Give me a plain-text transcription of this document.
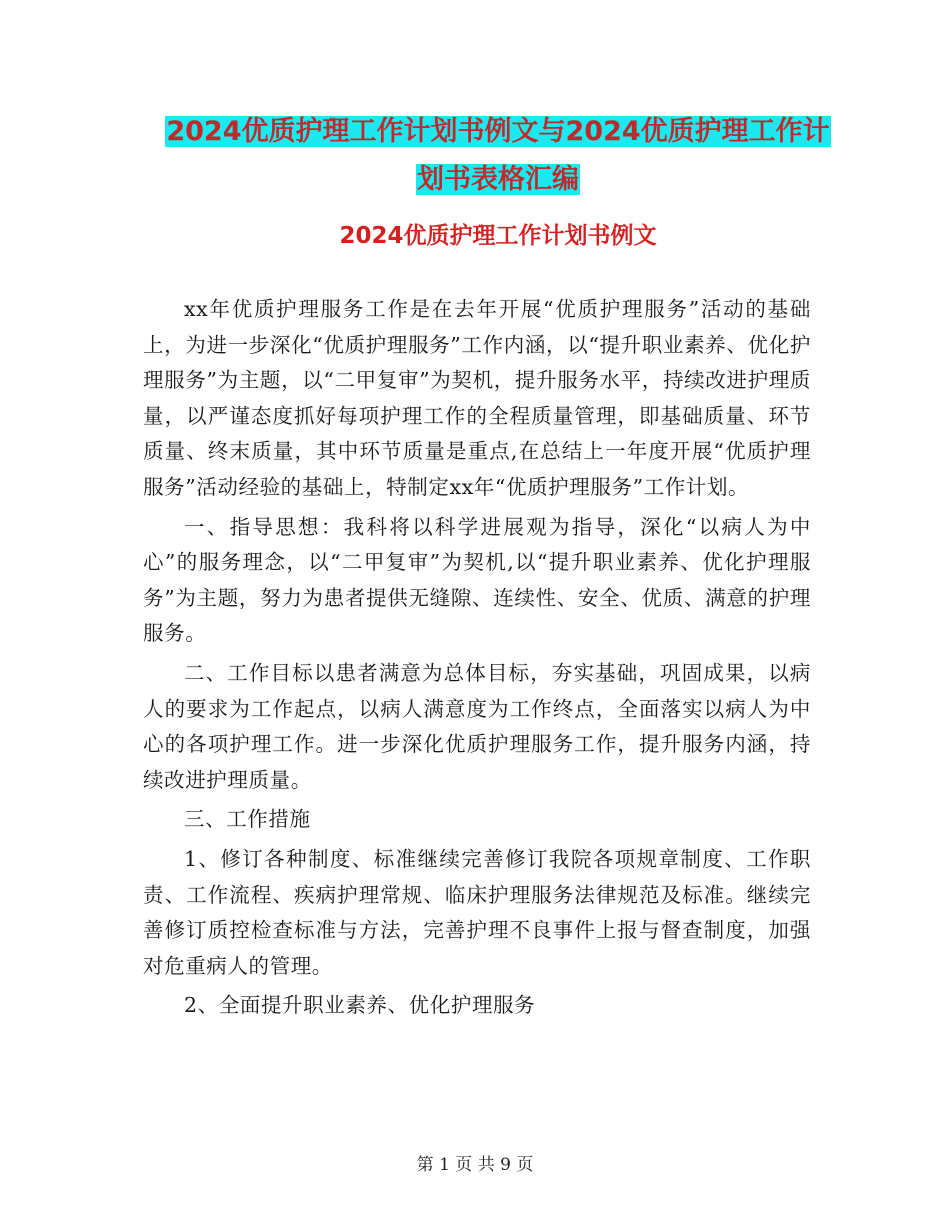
2024优质护理工作计划书例文与2024优质护理工作计
划书表格汇编
2024优质护理工作计划书例文

xx年优质护理服务工作是在去年开展“优质护理服务”活动的基础上，为进一步深化“优质护理服务”工作内涵，以“提升职业素养、优化护理服务”为主题，以“二甲复审”为契机，提升服务水平，持续改进护理质量，以严谨态度抓好每项护理工作的全程质量管理，即基础质量、环节质量、终末质量，其中环节质量是重点,在总结上一年度开展“优质护理服务”活动经验的基础上，特制定xx年“优质护理服务”工作计划。

一、指导思想：我科将以科学进展观为指导，深化“以病人为中心”的服务理念，以“二甲复审”为契机,以“提升职业素养、优化护理服务”为主题，努力为患者提供无缝隙、连续性、安全、优质、满意的护理服务。

二、工作目标以患者满意为总体目标，夯实基础，巩固成果，以病人的要求为工作起点，以病人满意度为工作终点，全面落实以病人为中心的各项护理工作。进一步深化优质护理服务工作，提升服务内涵，持续改进护理质量。

三、工作措施

1、修订各种制度、标准继续完善修订我院各项规章制度、工作职责、工作流程、疾病护理常规、临床护理服务法律规范及标准。继续完善修订质控检查标准与方法，完善护理不良事件上报与督查制度，加强对危重病人的管理。

2、全面提升职业素养、优化护理服务

第 1 页 共 9 页
